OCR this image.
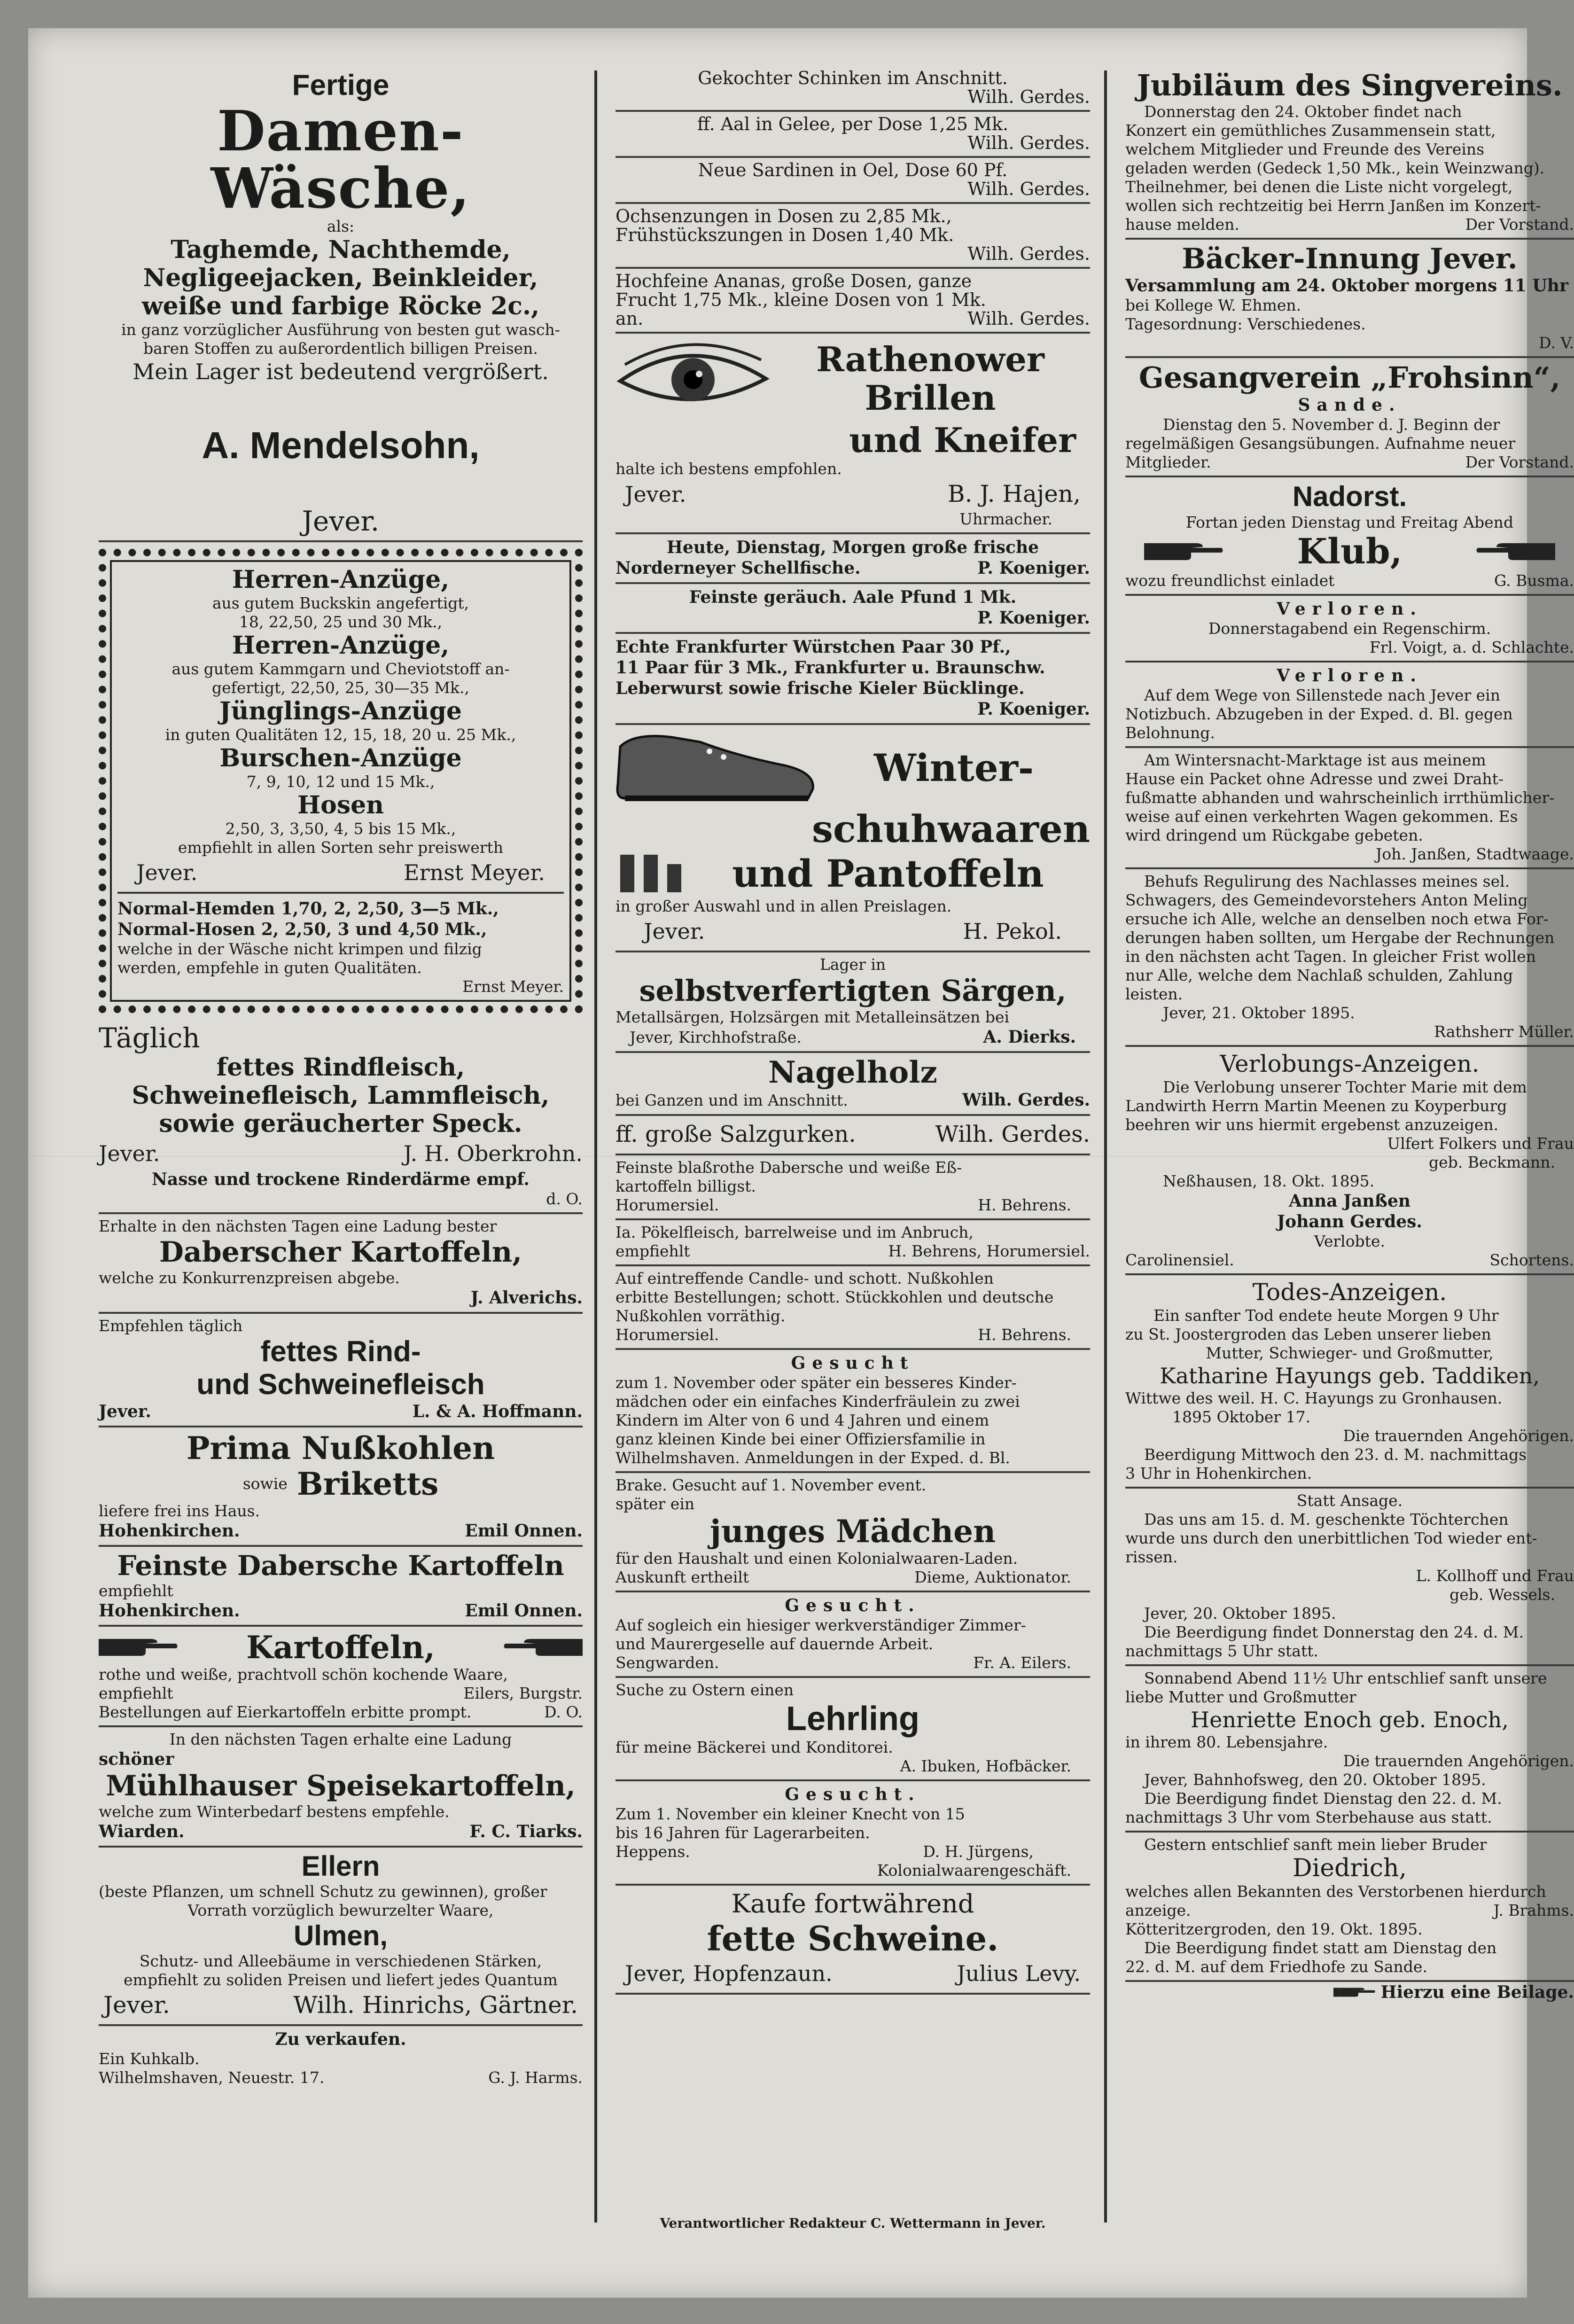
Fertige

Damen-Wäsche,

als:

Taghemde, Nachthemde,

Negligeejacken, Beinkleider,

weiße und farbige Röcke 2c.,

in ganz vorzüglicher Ausführung von besten gut wasch-

baren Stoffen zu außerordentlich billigen Preisen.

Mein Lager ist bedeutend vergrößert.

A. Mendelsohn,

Jever.

Herren-Anzüge,

aus gutem Buckskin angefertigt,

18, 22,50, 25 und 30 Mk.,

Herren-Anzüge,

aus gutem Kammgarn und Cheviotstoff an-

gefertigt, 22,50, 25, 30—35 Mk.,

Jünglings-Anzüge

in guten Qualitäten 12, 15, 18, 20 u. 25 Mk.,

Burschen-Anzüge

7, 9, 10, 12 und 15 Mk.,

Hosen

2,50, 3, 3,50, 4, 5 bis 15 Mk.,

empfiehlt in allen Sorten sehr preiswerth

Jever.	Ernst Meyer.

Normal-Hemden 1,70, 2, 2,50, 3—5 Mk.,

Normal-Hosen 2, 2,50, 3 und 4,50 Mk.,

welche in der Wäsche nicht krimpen und filzig

werden, empfehle in guten Qualitäten.

Ernst Meyer.

Täglich

fettes Rindfleisch,

Schweinefleisch, Lammfleisch,

sowie geräucherter Speck.

Jever.	J. H. Oberkrohn.

Nasse und trockene Rinderdärme empf.

d. O.

Erhalte in den nächsten Tagen eine Ladung bester

Daberscher Kartoffeln,

welche zu Konkurrenzpreisen abgebe.

J. Alverichs.

Empfehlen täglich

fettes Rind-

und Schweinefleisch

Jever.	L. & A. Hoffmann.

Prima Nußkohlen

sowie Briketts

liefere frei ins Haus.

Hohenkirchen.	Emil Onnen.

Feinste Dabersche Kartoffeln

empfiehlt

Hohenkirchen.	Emil Onnen.
Kartoffeln,

rothe und weiße, prachtvoll schön kochende Waare,

empfiehlt	Eilers, Burgstr.
Bestellungen auf Eierkartoffeln erbitte prompt.	D. O.

In den nächsten Tagen erhalte eine Ladung

schöner

Mühlhauser Speisekartoffeln,

welche zum Winterbedarf bestens empfehle.

Wiarden.	F. C. Tiarks.

Ellern

(beste Pflanzen, um schnell Schutz zu gewinnen), großer

Vorrath vorzüglich bewurzelter Waare,

Ulmen,

Schutz- und Alleebäume in verschiedenen Stärken,

empfiehlt zu soliden Preisen und liefert jedes Quantum

Jever.	Wilh. Hinrichs, Gärtner.

Zu verkaufen.

Ein Kuhkalb.

Wilhelmshaven, Neuestr. 17.	G. J. Harms.

Gekochter Schinken im Anschnitt.

Wilh. Gerdes.

ff. Aal in Gelee, per Dose 1,25 Mk.

Wilh. Gerdes.

Neue Sardinen in Oel, Dose 60 Pf.

Wilh. Gerdes.

Ochsenzungen in Dosen zu 2,85 Mk.,

Frühstückszungen in Dosen 1,40 Mk.

Wilh. Gerdes.

Hochfeine Ananas, große Dosen, ganze

Frucht 1,75 Mk., kleine Dosen von 1 Mk.

an.	Wilh. Gerdes.

Rathenower

Brillen

und Kneifer

halte ich bestens empfohlen.

Jever.	B. J. Hajen,

Uhrmacher.

Heute, Dienstag, Morgen große frische

Norderneyer Schellfische.	P. Koeniger.

Feinste geräuch. Aale Pfund 1 Mk.

P. Koeniger.

Echte Frankfurter Würstchen Paar 30 Pf.,

11 Paar für 3 Mk., Frankfurter u. Braunschw.

Leberwurst sowie frische Kieler Bücklinge.

P. Koeniger.

Winter-

schuhwaaren

und Pantoffeln

in großer Auswahl und in allen Preislagen.

Jever.	H. Pekol.

Lager in

selbstverfertigten Särgen,

Metallsärgen, Holzsärgen mit Metalleinsätzen bei

Jever, Kirchhofstraße.	A. Dierks.

Nagelholz

bei Ganzen und im Anschnitt.	Wilh. Gerdes.
ff. große Salzgurken.	Wilh. Gerdes.

Feinste blaßrothe Dabersche und weiße Eß-

kartoffeln billigst.

Horumersiel.	H. Behrens.

Ia. Pökelfleisch, barrelweise und im Anbruch,

empfiehlt	H. Behrens, Horumersiel.

Auf eintreffende Candle- und schott. Nußkohlen

erbitte Bestellungen; schott. Stückkohlen und deutsche

Nußkohlen vorräthig.

Horumersiel.	H. Behrens.

Gesucht

zum 1. November oder später ein besseres Kinder-

mädchen oder ein einfaches Kinderfräulein zu zwei

Kindern im Alter von 6 und 4 Jahren und einem

ganz kleinen Kinde bei einer Offiziersfamilie in

Wilhelmshaven. Anmeldungen in der Exped. d. Bl.

Brake. Gesucht auf 1. November event.

später ein

junges Mädchen

für den Haushalt und einen Kolonialwaaren-Laden.

Auskunft ertheilt	Dieme, Auktionator.

Gesucht.

Auf sogleich ein hiesiger werkverständiger Zimmer-

und Maurergeselle auf dauernde Arbeit.

Sengwarden.	Fr. A. Eilers.

Suche zu Ostern einen

Lehrling

für meine Bäckerei und Konditorei.

A. Ibuken, Hofbäcker.

Gesucht.

Zum 1. November ein kleiner Knecht von 15

bis 16 Jahren für Lagerarbeiten.

Heppens.	D. H. Jürgens,

Kolonialwaarengeschäft.

Kaufe fortwährend

fette Schweine.

Jever, Hopfenzaun.	Julius Levy.
Verantwortlicher Redakteur C. Wettermann in Jever.

Jubiläum des Singvereins.

Donnerstag den 24. Oktober findet nach

Konzert ein gemüthliches Zusammensein statt,

welchem Mitglieder und Freunde des Vereins

geladen werden (Gedeck 1,50 Mk., kein Weinzwang).

Theilnehmer, bei denen die Liste nicht vorgelegt,

wollen sich rechtzeitig bei Herrn Janßen im Konzert-

hause melden.	Der Vorstand.

Bäcker-Innung Jever.

Versammlung am 24. Oktober morgens 11 Uhr

bei Kollege W. Ehmen.

Tagesordnung: Verschiedenes.

D. V.

Gesangverein „Frohsinn“,

Sande.

Dienstag den 5. November d. J. Beginn der

regelmäßigen Gesangsübungen. Aufnahme neuer

Mitglieder.	Der Vorstand.

Nadorst.

Fortan jeden Dienstag und Freitag Abend

Klub,
wozu freundlichst einladet	G. Busma.

Verloren.

Donnerstagabend ein Regenschirm.

Frl. Voigt, a. d. Schlachte.

Verloren.

Auf dem Wege von Sillenstede nach Jever ein

Notizbuch. Abzugeben in der Exped. d. Bl. gegen

Belohnung.

Am Wintersnacht-Marktage ist aus meinem

Hause ein Packet ohne Adresse und zwei Draht-

fußmatte abhanden und wahrscheinlich irrthümlicher-

weise auf einen verkehrten Wagen gekommen. Es

wird dringend um Rückgabe gebeten.

Joh. Janßen, Stadtwaage.

Behufs Regulirung des Nachlasses meines sel.

Schwagers, des Gemeindevorstehers Anton Meling

ersuche ich Alle, welche an denselben noch etwa For-

derungen haben sollten, um Hergabe der Rechnungen

in den nächsten acht Tagen. In gleicher Frist wollen

nur Alle, welche dem Nachlaß schulden, Zahlung leisten.

Jever, 21. Oktober 1895.

Rathsherr Müller.

Verlobungs-Anzeigen.

Die Verlobung unserer Tochter Marie mit dem

Landwirth Herrn Martin Meenen zu Koyperburg

beehren wir uns hiermit ergebenst anzuzeigen.

Ulfert Folkers und Frau

geb. Beckmann.

Neßhausen, 18. Okt. 1895.

Anna Janßen

Johann Gerdes.

Verlobte.

Carolinensiel.	Schortens.

Todes-Anzeigen.

Ein sanfter Tod endete heute Morgen 9 Uhr

zu St. Joostergroden das Leben unserer lieben

Mutter, Schwieger- und Großmutter,

Katharine Hayungs geb. Taddiken,

Wittwe des weil. H. C. Hayungs zu Gronhausen.

1895 Oktober 17.

Die trauernden Angehörigen.

Beerdigung Mittwoch den 23. d. M. nachmittags

3 Uhr in Hohenkirchen.

Statt Ansage.

Das uns am 15. d. M. geschenkte Töchterchen

wurde uns durch den unerbittlichen Tod wieder ent-

rissen.

L. Kollhoff und Frau

geb. Wessels.

Jever, 20. Oktober 1895.

Die Beerdigung findet Donnerstag den 24. d. M.

nachmittags 5 Uhr statt.

Sonnabend Abend 11½ Uhr entschlief sanft unsere

liebe Mutter und Großmutter

Henriette Enoch geb. Enoch,

in ihrem 80. Lebensjahre.

Die trauernden Angehörigen.

Jever, Bahnhofsweg, den 20. Oktober 1895.

Die Beerdigung findet Dienstag den 22. d. M.

nachmittags 3 Uhr vom Sterbehause aus statt.

Gestern entschlief sanft mein lieber Bruder

Diedrich,

welches allen Bekannten des Verstorbenen hierdurch

anzeige.	J. Brahms.

Kötteritzergroden, den 19. Okt. 1895.

Die Beerdigung findet statt am Dienstag den

22. d. M. auf dem Friedhofe zu Sande.

Hierzu eine Beilage.
